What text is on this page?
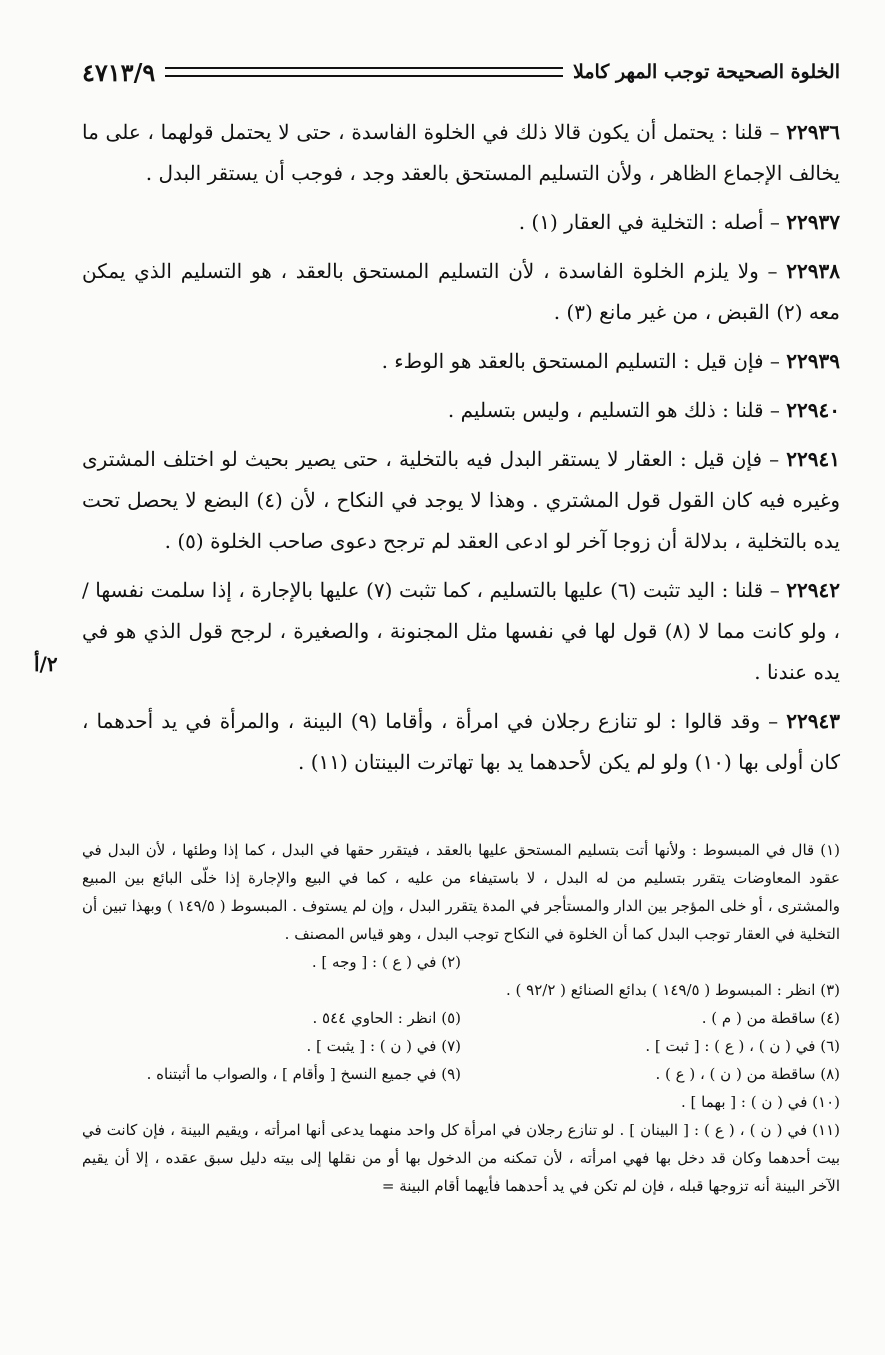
الخلوة الصحيحة توجب المهر كاملا
٤٧١٣/٩
٢/أ

٢٢٩٣٦ – قلنا : يحتمل أن يكون قالا ذلك في الخلوة الفاسدة ، حتى لا يحتمل قولهما ، على ما يخالف الإجماع الظاهر ، ولأن التسليم المستحق بالعقد وجد ، فوجب أن يستقر البدل .

٢٢٩٣٧ – أصله : التخلية في العقار (١) .

٢٢٩٣٨ – ولا يلزم الخلوة الفاسدة ، لأن التسليم المستحق بالعقد ، هو التسليم الذي يمكن معه (٢) القبض ، من غير مانع (٣) .

٢٢٩٣٩ – فإن قيل : التسليم المستحق بالعقد هو الوطء .

٢٢٩٤٠ – قلنا : ذلك هو التسليم ، وليس بتسليم .

٢٢٩٤١ – فإن قيل : العقار لا يستقر البدل فيه بالتخلية ، حتى يصير بحيث لو اختلف المشترى وغيره فيه كان القول قول المشتري . وهذا لا يوجد في النكاح ، لأن (٤) البضع لا يحصل تحت يده بالتخلية ، بدلالة أن زوجا آخر لو ادعى العقد لم ترجح دعوى صاحب الخلوة (٥) .

٢٢٩٤٢ – قلنا : اليد تثبت (٦) عليها بالتسليم ، كما تثبت (٧) عليها بالإجارة ، إذا سلمت نفسها / ، ولو كانت مما لا (٨) قول لها في نفسها مثل المجنونة ، والصغيرة ، لرجح قول الذي هو في يده عندنا .

٢٢٩٤٣ – وقد قالوا : لو تنازع رجلان في امرأة ، وأقاما (٩) البينة ، والمرأة في يد أحدهما ، كان أولى بها (١٠) ولو لم يكن لأحدهما يد بها تهاترت البينتان (١١) .

(١) قال في المبسوط : ولأنها أتت بتسليم المستحق عليها بالعقد ، فيتقرر حقها في البدل ، كما إذا وطئها ، لأن البدل في عقود المعاوضات يتقرر بتسليم من له البدل ، لا باستيفاء من عليه ، كما في البيع والإجارة إذا خلّى البائع بين المبيع والمشترى ، أو خلى المؤجر بين الدار والمستأجر في المدة يتقرر البدل ، وإن لم يستوف . المبسوط ( ١٤٩/٥ ) وبهذا تبين أن التخلية في العقار توجب البدل كما أن الخلوة في النكاح توجب البدل ، وهو قياس المصنف .

(٢) في ( ع ) : [ وجه ] .

(٣) انظر : المبسوط ( ١٤٩/٥ ) بدائع الصنائع ( ٩٢/٢ ) .

(٤) ساقطة من ( م ) .
(٥) انظر : الحاوي ٥٤٤ .
(٦) في ( ن ) ، ( ع ) : [ ثبت ] .
(٧) في ( ن ) : [ يثبت ] .
(٨) ساقطة من ( ن ) ، ( ع ) .
(٩) في جميع النسخ [ وأقام ] ، والصواب ما أثبتناه .

(١٠) في ( ن ) : [ بهما ] .

(١١) في ( ن ) ، ( ع ) : [ البينان ] . لو تنازع رجلان في امرأة كل واحد منهما يدعى أنها امرأته ، ويقيم البينة ، فإن كانت في بيت أحدهما وكان قد دخل بها فهي امرأته ، لأن تمكنه من الدخول بها أو من نقلها إلى بيته دليل سبق عقده ، إلا أن يقيم الآخر البينة أنه تزوجها قبله ، فإن لم تكن في يد أحدهما فأيهما أقام البينة =
